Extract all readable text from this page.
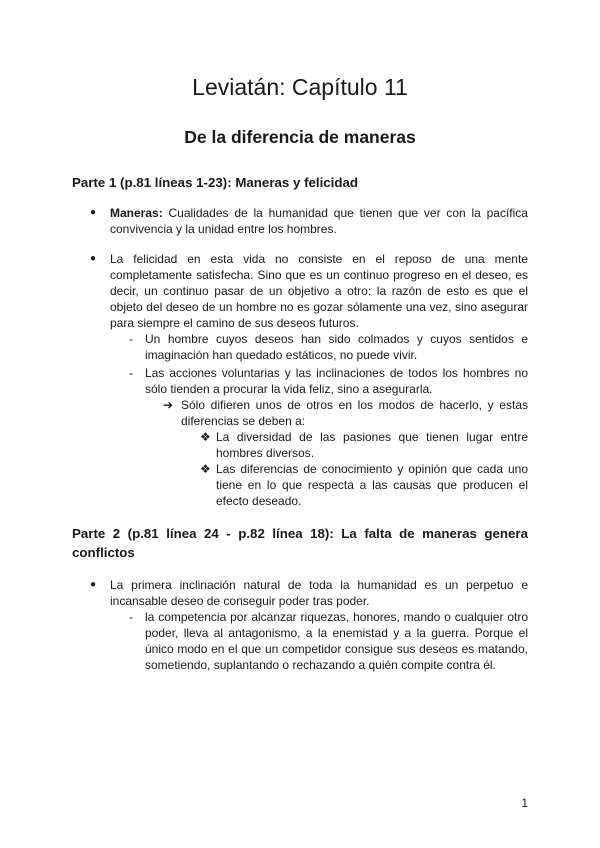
Leviatán: Capítulo 11
De la diferencia de maneras
Parte 1 (p.81 líneas 1-23): Maneras y felicidad
● Maneras: Cualidades de la humanidad que tienen que ver con la pacífica convivencia y la unidad entre los hombres.
● La felicidad en esta vida no consiste en el reposo de una mente completamente satisfecha. Sino que es un continuo progreso en el deseo, es decir, un continuo pasar de un objetivo a otro: la razón de esto es que el objeto del deseo de un hombre no es gozar sólamente una vez, sino asegurar para siempre el camino de sus deseos futuros.
- Un hombre cuyos deseos han sido colmados y cuyos sentidos e imaginación han quedado estáticos, no puede vivir.
- Las acciones voluntarias y las inclinaciones de todos los hombres no sólo tienden a procurar la vida feliz, sino a asegurarla.
➔ Sólo difieren unos de otros en los modos de hacerlo, y estas diferencias se deben a:
❖ La diversidad de las pasiones que tienen lugar entre hombres diversos.
❖ Las diferencias de conocimiento y opinión que cada uno tiene en lo que respecta a las causas que producen el efecto deseado.
Parte 2 (p.81 línea 24 - p.82 línea 18): La falta de maneras genera conflictos
● La primera inclinación natural de toda la humanidad es un perpetuo e incansable deseo de conseguir poder tras poder.
- la competencia por alcanzar riquezas, honores, mando o cualquier otro poder, lleva al antagonismo, a la enemistad y a la guerra. Porque el único modo en el que un competidor consigue sus deseos es matando, sometiendo, suplantando o rechazando a quién compite contra él.
1
